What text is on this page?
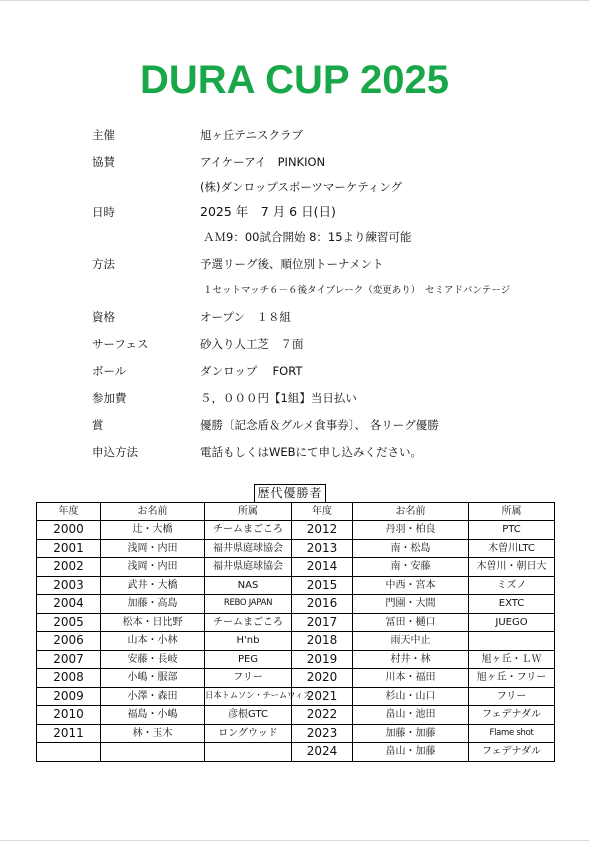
DURA CUP 2025
主催	旭ヶ丘テニスクラブ
協賛	アイケーアイ　PINKION
(株)ダンロップスポーツマーケティング
日時	2025 年　7 月 6 日(日)
ＡＭ9：00試合開始 8：15より練習可能
方法	予選リーグ後、順位別トーナメント
１セットマッチ６－６後タイブレーク（変更あり）　セミアドバンテージ
資格	オープン　１８組
サーフェス	砂入り人工芝　７面
ボール	ダンロップ　 FORT
参加費	５，０００円【1組】当日払い
賞	優勝〔記念盾＆グルメ食事券〕、 各リーグ優勝
申込方法	電話もしくはWEBにて申し込みください。
歴代優勝者
年度	お名前	所属	年度	お名前	所属
2000	辻・大橋	チームまごころ	2012	丹羽・柏良	PTC
2001	浅岡・内田	福井県庭球協会	2013	南・松島	木曽川LTC
2002	浅岡・内田	福井県庭球協会	2014	南・安藤	木曽川・朝日大
2003	武井・大橋	NAS	2015	中西・宮本	ミズノ
2004	加藤・高島	REBO JAPAN	2016	門園・大間	EXTC
2005	松本・日比野	チームまごころ	2017	冨田・樋口	JUEGO
2006	山本・小林	H'nb	2018	雨天中止	
2007	安藤・長岐	PEG	2019	村井・林	旭ヶ丘・ＬＷ
2008	小嶋・服部	フリー	2020	川本・福田	旭ヶ丘・フリー
2009	小澤・森田	日本トムソン・チームウィズ	2021	杉山・山口	フリー
2010	福島・小嶋	彦根GTC	2022	畠山・池田	フェデナダル
2011	林・玉木	ロングウッド	2023	加藤・加藤	Flame shot
			2024	畠山・加藤	フェデナダル
